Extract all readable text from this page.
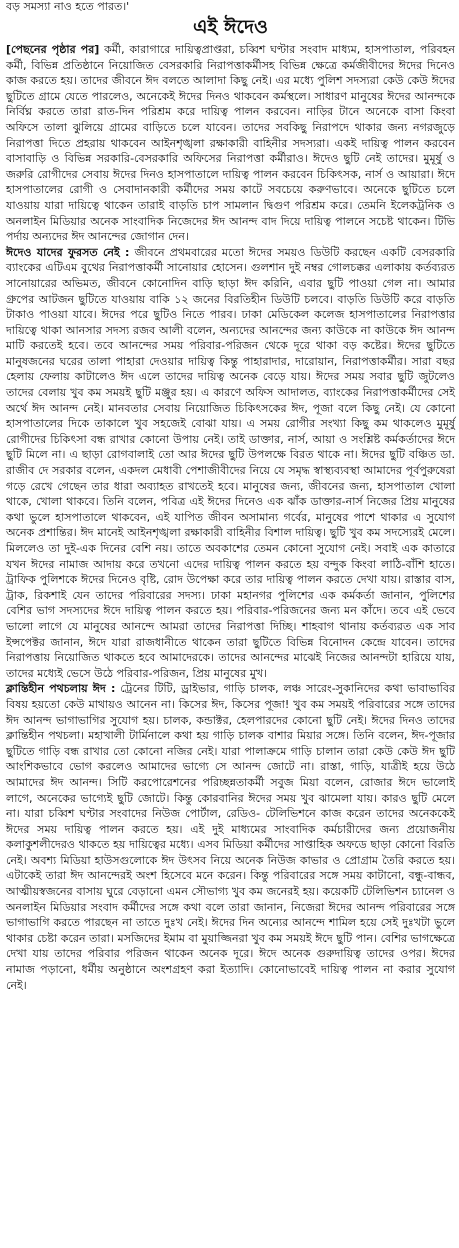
বড় সমস্যা নাও হতে পারত।'
এই ঈদেও

[পেছনের পৃষ্ঠার পর] কর্মী, কারাগারে দায়িত্বপ্রাপ্তরা, চব্বিশ ঘণ্টার সংবাদ মাধ্যম, হাসপাতাল, পরিবহন কর্মী, বিভিন্ন প্রতিষ্ঠানে নিয়োজিত বেসরকারি নিরাপত্তাকর্মীসহ বিভিন্ন ক্ষেত্রে কর্মজীবীদের ঈদের দিনেও কাজ করতে হয়। তাদের জীবনে ঈদ বলতে আলাদা কিছু নেই। এর মধ্যে পুলিশ সদস্যরা কেউ কেউ ঈদের ছুটিতে গ্রামে যেতে পারলেও, অনেকেই ঈদের দিনও থাকবেন কর্মস্থলে। সাধারণ মানুষের ঈদের আনন্দকে নির্বিঘ্ন করতে তারা রাত-দিন পরিশ্রম করে দায়িত্ব পালন করবেন। নাড়ির টানে অনেকে বাসা কিংবা অফিসে তালা ঝুলিয়ে গ্রামের বাড়িতে চলে যাবেন। তাদের সবকিছু নিরাপদে থাকার জন্য নগরজুড়ে নিরাপত্তা দিতে প্রহরায় থাকবেন আইনশৃঙ্খলা রক্ষাকারী বাহিনীর সদস্যরা। একই দায়িত্ব পালন করবেন বাসাবাড়ি ও বিভিন্ন সরকারি-বেসরকারি অফিসের নিরাপত্তা কর্মীরাও। ঈদেও ছুটি নেই তাদের। মুমূর্ষু ও জরুরি রোগীদের সেবায় ঈদের দিনও হাসপাতালে দায়িত্ব পালন করবেন চিকিৎসক, নার্স ও আয়ারা। ঈদে হাসপাতালের রোগী ও সেবাদানকারী কর্মীদের সময় কাটে সবচেয়ে করুণভাবে। অনেকে ছুটিতে চলে যাওয়ায় যারা দায়িত্বে থাকেন তারাই বাড়তি চাপ সামলান দ্বিগুণ পরিশ্রম করে। তেমনি ইলেকট্রনিক ও অনলাইন মিডিয়ার অনেক সাংবাদিক নিজেদের ঈদ আনন্দ বাদ দিয়ে দায়িত্ব পালনে সচেষ্ট থাকেন। টিভি পর্দায় অন্যদের ঈদ আনন্দের জোগান দেন।

ঈদেও যাদের ফুরসত নেই : জীবনে প্রথমবারের মতো ঈদের সময়ও ডিউটি করছেন একটি বেসরকারি ব্যাংকের এটিএম বুথের নিরাপত্তাকর্মী সানোয়ার হোসেন। গুলশান দুই নম্বর গোলচক্কর এলাকায় কর্তব্যরত সানোয়ারের অভিমত, জীবনে কোনোদিন বাড়ি ছাড়া ঈদ করিনি, এবার ছুটি পাওয়া গেল না। আমার গ্রুপের আটজন ছুটিতে যাওয়ায় বাকি ১২ জনের বিরতিহীন ডিউটি চলবে। বাড়তি ডিউটি করে বাড়তি টাকাও পাওয়া যাবে। ঈদের পরে ছুটিও নিতে পারব। ঢাকা মেডিকেল কলেজ হাসপাতালের নিরাপত্তার দায়িত্বে থাকা আনসার সদস্য রজব আলী বলেন, অন্যদের আনন্দের জন্য কাউকে না কাউকে ঈদ আনন্দ মাটি করতেই হবে। তবে আনন্দের সময় পরিবার-পরিজন থেকে দূরে থাকা বড় কষ্টের। ঈদের ছুটিতে মানুষজনের ঘরের তালা পাহারা দেওয়ার দায়িত্ব কিন্তু পাহারাদার, দারোয়ান, নিরাপত্তাকর্মীর। সারা বছর হেলায় ফেলায় কাটালেও ঈদ এলে তাদের দায়িত্ব অনেক বেড়ে যায়। ঈদের সময় সবার ছুটি জুটলেও তাদের বেলায় খুব কম সময়ই ছুটি মঞ্জুর হয়। এ কারণে অফিস আদালত, ব্যাংকের নিরাপত্তাকর্মীদের সেই অর্থে ঈদ আনন্দ নেই। মানবতার সেবায় নিয়োজিত চিকিৎসকের ঈদ, পূজা বলে কিছু নেই। যে কোনো হাসপাতালের দিকে তাকালে খুব সহজেই বোঝা যায়। এ সময় রোগীর সংখ্যা কিছু কম থাকলেও মুমূর্ষু রোগীদের চিকিৎসা বন্ধ রাখার কোনো উপায় নেই। তাই ডাক্তার, নার্স, আয়া ও সংশ্লিষ্ট কর্মকর্তাদের ঈদে ছুটি মিলে না। এ ছাড়া রোগবালাই তো আর ঈদের ছুটি উপলক্ষে বিরত থাকে না। ঈদের ছুটি বঞ্চিত ডা. রাজীব দে সরকার বলেন, একদল মেধাবী পেশাজীবীদের নিয়ে যে সমৃদ্ধ স্বাস্থ্যব্যবস্থা আমাদের পূর্বপুরুষেরা গড়ে রেখে গেছেন তার ধারা অব্যাহত রাখতেই হবে। মানুষের জন্য, জীবনের জন্য, হাসপাতাল খোলা থাকে, খোলা থাকবে। তিনি বলেন, পবিত্র এই ঈদের দিনেও এক ঝাঁক ডাক্তার-নার্স নিজের প্রিয় মানুষের কথা ভুলে হাসপাতালে থাকবেন, এই যাপিত জীবন অসামান্য গর্বের, মানুষের পাশে থাকার এ সুযোগ অনেক প্রশান্তির। ঈদ মানেই আইনশৃঙ্খলা রক্ষাকারী বাহিনীর বিশাল দায়িত্ব। ছুটি খুব কম সদস্যেরই মেলে। মিললেও তা দুই-এক দিনের বেশি নয়। তাতে অবকাশের তেমন কোনো সুযোগ নেই। সবাই এক কাতারে যখন ঈদের নামাজ আদায় করে তখনো এদের দায়িত্ব পালন করতে হয় বন্দুক কিংবা লাঠি-বাঁশি হাতে। ট্রাফিক পুলিশকে ঈদের দিনেও বৃষ্টি, রোদ উপেক্ষা করে তার দায়িত্ব পালন করতে দেখা যায়। রাস্তার বাস, ট্রাক, রিকশাই যেন তাদের পরিবারের সদস্য। ঢাকা মহানগর পুলিশের এক কর্মকর্তা জানান, পুলিশের বেশির ভাগ সদস্যদের ঈদে দায়িত্ব পালন করতে হয়। পরিবার-পরিজনের জন্য মন কাঁদে। তবে এই ভেবে ভালো লাগে যে মানুষের আনন্দে আমরা তাদের নিরাপত্তা দিচ্ছি। শাহবাগ থানায় কর্তব্যরত এক সাব ইন্সপেক্টর জানান, ঈদে যারা রাজধানীতে থাকেন তারা ছুটিতে বিভিন্ন বিনোদন কেন্দ্রে যাবেন। তাদের নিরাপত্তায় নিয়োজিত থাকতে হবে আমাদেরকে। তাদের আনন্দের মাঝেই নিজের আনন্দটা হারিয়ে যায়, তাদের মধ্যেই ভেসে উঠে পরিবার-পরিজন, প্রিয় মানুষের মুখ।

ক্লান্তিহীন পথচলায় ঈদ : ট্রেনের টিটি, ড্রাইভার, গাড়ি চালক, লঞ্চ সারেং-সুকানিদের কথা ভাবাভাবির বিষয় হয়তো কেউ মাথায়ও আনেন না। কিসের ঈদ, কিসের পূজা! খুব কম সময়ই পরিবারের সঙ্গে তাদের ঈদ আনন্দ ভাগাভাগির সুযোগ হয়। চালক, কন্ডাক্টর, হেলপারদের কোনো ছুটি নেই। ঈদের দিনও তাদের ক্লান্তিহীন পথচলা। মহাখালী টার্মিনালে কথা হয় গাড়ি চালক বাশার মিয়ার সঙ্গে। তিনি বলেন, ঈদ-পূজার ছুটিতে গাড়ি বন্ধ রাখার তো কোনো নজির নেই। যারা পালাক্রমে গাড়ি চালান তারা কেউ কেউ ঈদ ছুটি আংশিকভাবে ভোগ করলেও আমাদের ভাগ্যে সে আনন্দ জোটে না। রাস্তা, গাড়ি, যাত্রীই হয়ে উঠে আমাদের ঈদ আনন্দ। সিটি করপোরেশনের পরিচ্ছন্নতাকর্মী সবুজ মিয়া বলেন, রোজার ঈদে ভালোই লাগে, অনেকের ভাগ্যেই ছুটি জোটে। কিন্তু কোরবানির ঈদের সময় খুব ঝামেলা যায়। কারও ছুটি মেলে না। যারা চব্বিশ ঘণ্টার সংবাদের নিউজ পোর্টাল, রেডিও- টেলিভিশনে কাজ করেন তাদের অনেককেই ঈদের সময় দায়িত্ব পালন করতে হয়। এই দুই মাধ্যমের সাংবাদিক কর্মচারীদের জন্য প্রয়োজনীয় কলাকুশলীদেরও থাকতে হয় দায়িত্বের মধ্যে। এসব মিডিয়া কর্মীদের সাপ্তাহিক অফডে ছাড়া কোনো বিরতি নেই। অবশ্য মিডিয়া হাউসগুলোকে ঈদ উৎসব নিয়ে অনেক নিউজ কাভার ও প্রোগ্রাম তৈরি করতে হয়। এটাকেই তারা ঈদ আনন্দেরই অংশ হিসেবে মনে করেন। কিন্তু পরিবারের সঙ্গে সময় কাটানো, বন্ধু-বান্ধব, আত্মীয়স্বজনের বাসায় ঘুরে বেড়ানো এমন সৌভাগ্য খুব কম জনেরই হয়। কয়েকটি টেলিভিশন চ্যানেল ও অনলাইন মিডিয়ার সংবাদ কর্মীদের সঙ্গে কথা বলে তারা জানান, নিজেরা ঈদের আনন্দ পরিবারের সঙ্গে ভাগাভাগি করতে পারছেন না তাতে দুঃখ নেই। ঈদের দিন অন্যের আনন্দে শামিল হয়ে সেই দুঃখটা ভুলে থাকার চেষ্টা করেন তারা। মসজিদের ইমাম বা মুয়াজ্জিনরা খুব কম সময়ই ঈদে ছুটি পান। বেশির ভাগক্ষেত্রে দেখা যায় তাদের পরিবার পরিজন থাকেন অনেক দূরে। ঈদে অনেক গুরুদায়িত্ব তাদের ওপর। ঈদের নামাজ পড়ানো, ধর্মীয় অনুষ্ঠানে অংশগ্রহণ করা ইত্যাদি। কোনোভাবেই দায়িত্ব পালন না করার সুযোগ নেই।
